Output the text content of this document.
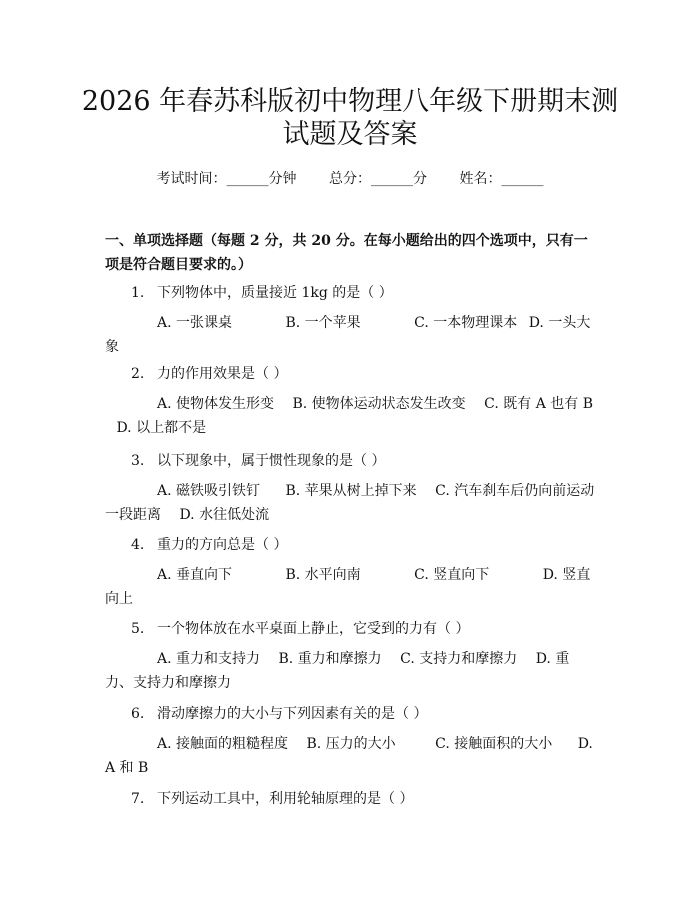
2026 年春苏科版初中物理八年级下册期末测
试题及答案
考试时间：______分钟 总分：______分 姓名：______
一、单项选择题（每题 2 分，共 20 分。在每小题给出的四个选项中，只有一项是符合题目要求的。）
1. 下列物体中，质量接近 1kg 的是（ ）
A. 一张课桌    	B. 一个苹果    	C. 一本物理课本  D. 一头大象
2. 力的作用效果是（ ）
A. 使物体发生形变   B. 使物体运动状态发生改变   C. 既有 A 也有 B  D. 以上都不是
3. 以下现象中，属于惯性现象的是（ ）
A. 磁铁吸引铁钉   B. 苹果从树上掉下来   C. 汽车刹车后仍向前运动一段距离   D. 水往低处流
4. 重力的方向总是（ ）
A. 垂直向下    	B. 水平向南    	C. 竖直向下    	D. 竖直向上
5. 一个物体放在水平桌面上静止，它受到的力有（ ）
A. 重力和支持力   B. 重力和摩擦力   C. 支持力和摩擦力   D. 重力、支持力和摩擦力
6. 滑动摩擦力的大小与下列因素有关的是（ ）
A. 接触面的粗糙程度   B. 压力的大小   	C. 接触面积的大小   D. A 和 B
7. 下列运动工具中，利用轮轴原理的是（ ）
